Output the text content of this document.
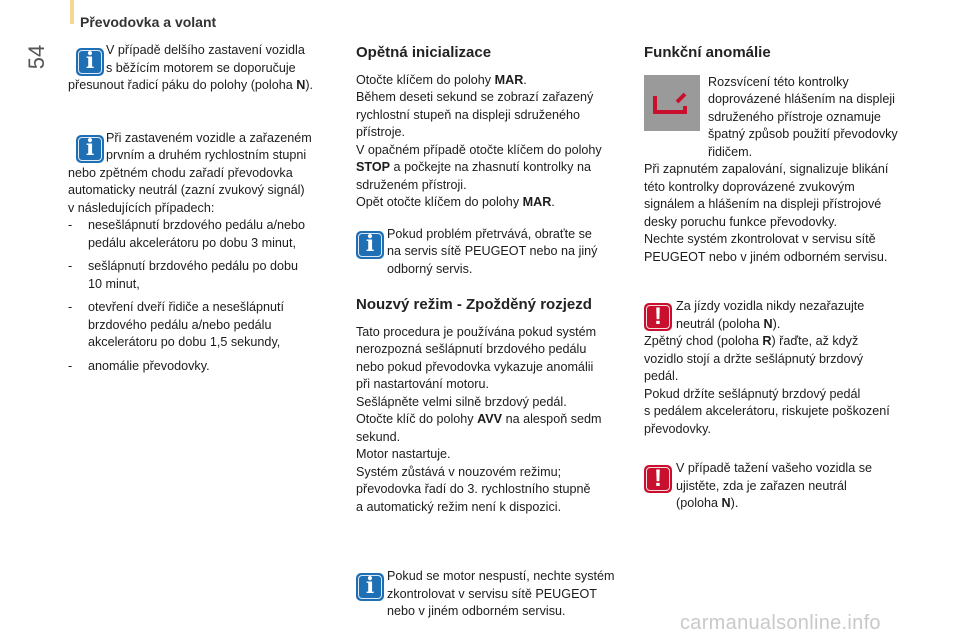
54
Převodovka a volant
i V případě delšího zastavení vozidla

s běžícím motorem se doporučuje

přesunout řadicí páku do polohy (poloha N).

i Při zastaveném vozidle a zařazeném

prvním a druhém rychlostním stupni

nebo zpětném chodu zařadí převodovka

automaticky neutrál (zazní zvukový signál)

v následujících případech:

- nesešlápnutí brzdového pedálu a/nebo

pedálu akcelerátoru po dobu 3 minut,

- sešlápnutí brzdového pedálu po dobu

10 minut,

- otevření dveří řidiče a nesešlápnutí

brzdového pedálu a/nebo pedálu

akcelerátoru po dobu 1,5 sekundy,

- anomálie převodovky.

Opětná inicializace

Otočte klíčem do polohy MAR.

Během deseti sekund se zobrazí zařazený

rychlostní stupeň na displeji sdruženého

přístroje.

V opačném případě otočte klíčem do polohy

STOP a počkejte na zhasnutí kontrolky na

sdruženém přístroji.

Opět otočte klíčem do polohy MAR.

i	Pokud problém přetrvává, obraťte se

na servis sítě PEUGEOT nebo na jiný

odborný servis.

Nouzvý režim - Zpožděný rozjezd

Tato procedura je používána pokud systém

nerozpozná sešlápnutí brzdového pedálu

nebo pokud převodovka vykazuje anomálii

při nastartování motoru.

Sešlápněte velmi silně brzdový pedál.

Otočte klíč do polohy AVV na alespoň sedm

sekund.

Motor nastartuje.

Systém zůstává v nouzovém režimu;

převodovka řadí do 3. rychlostního stupně

a automatický režim není k dispozici.

i	Pokud se motor nespustí, nechte systém

zkontrolovat v servisu sítě PEUGEOT

nebo v jiném odborném servisu.

Funkční anomálie

Rozsvícení této kontrolky

doprovázené hlášením na displeji

sdruženého přístroje oznamuje

špatný způsob použití převodovky

řidičem.

Při zapnutém zapalování, signalizuje blikání

této kontrolky doprovázené zvukovým

signálem a hlášením na displeji přístrojové

desky poruchu funkce převodovky.

Nechte systém zkontrolovat v servisu sítě

PEUGEOT nebo v jiném odborném servisu.

!	Za jízdy vozidla nikdy nezařazujte

neutrál (poloha N).

Zpětný chod (poloha R) řaďte, až když

vozidlo stojí a držte sešlápnutý brzdový

pedál.

Pokud držíte sešlápnutý brzdový pedál

s pedálem akcelerátoru, riskujete poškození

převodovky.

!	V případě tažení vašeho vozidla se

ujistěte, zda je zařazen neutrál

(poloha N).

carmanualsonline.info
